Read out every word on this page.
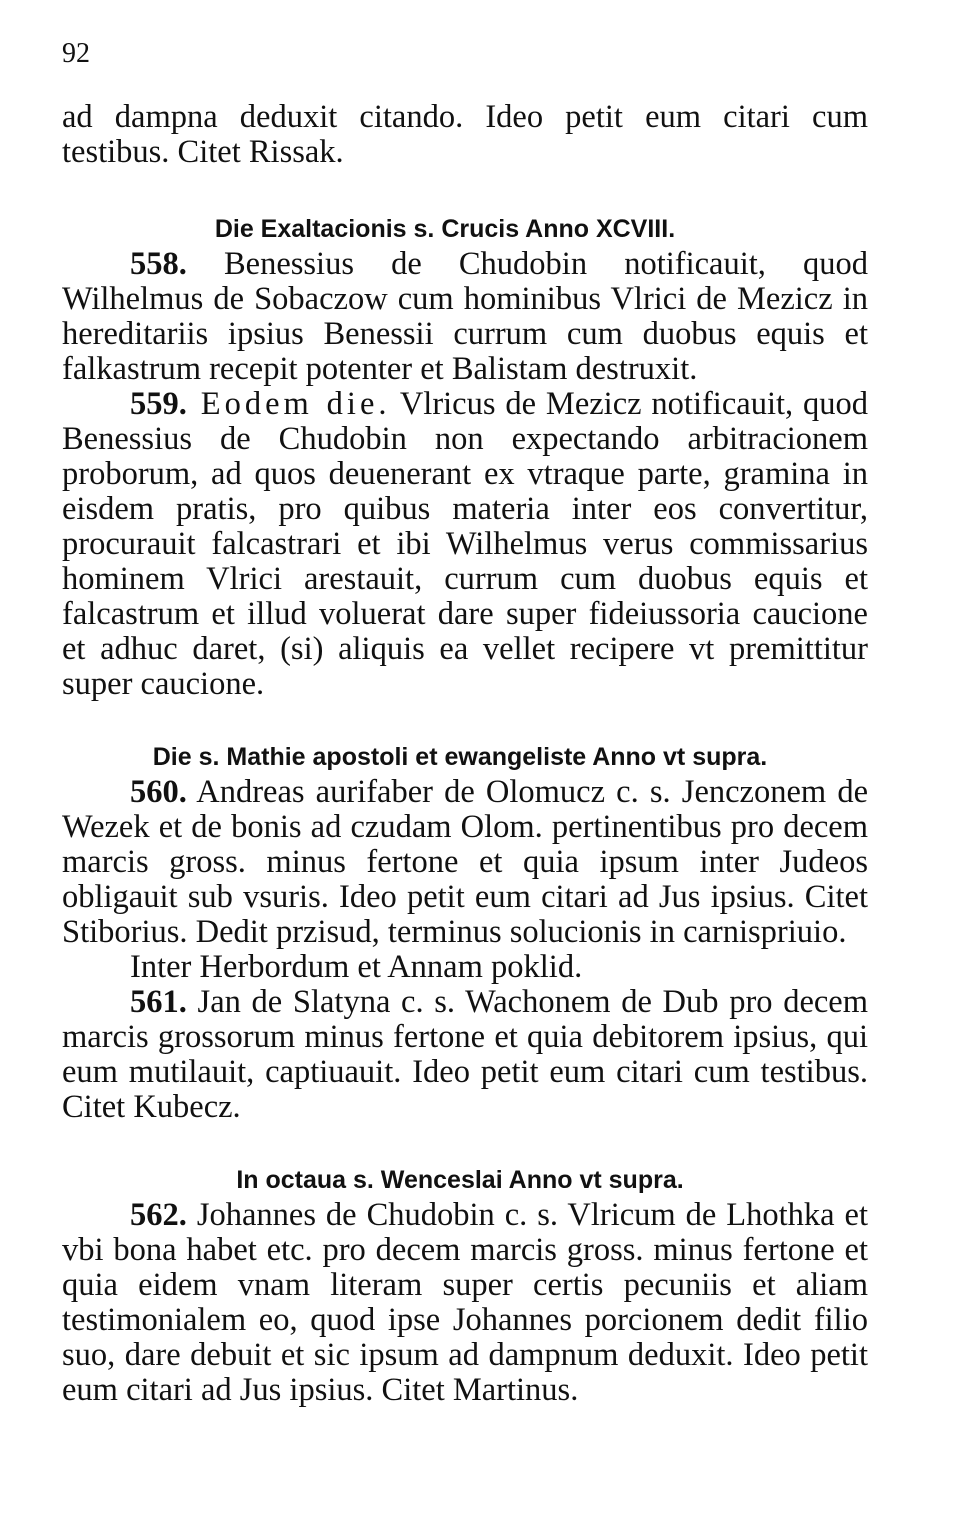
92

ad dampna deduxit citando. Ideo petit eum citari cum testibus. Citet Rissak.

Die Exaltacionis s. Crucis Anno XCVIII.

558. Benessius de Chudobin notificauit, quod Wilhelmus de Sobaczow cum hominibus Vlrici de Mezicz in hereditariis ipsius Benessii currum cum duobus equis et falkastrum recepit potenter et Balistam destruxit.

559. Eodem die. Vlricus de Mezicz notificauit, quod Benessius de Chudobin non expectando arbitracionem proborum, ad quos deuenerant ex vtraque parte, gramina in eisdem pratis, pro quibus materia inter eos convertitur, procurauit falcastrari et ibi Wilhelmus verus commissarius hominem Vlrici arestauit, currum cum duobus equis et falcastrum et illud voluerat dare super fideiussoria caucione et adhuc daret, (si) aliquis ea vellet recipere vt premittitur super caucione.

Die s. Mathie apostoli et ewangeliste Anno vt supra.

560. Andreas aurifaber de Olomucz c. s. Jenczonem de Wezek et de bonis ad czudam Olom. pertinentibus pro decem marcis gross. minus fertone et quia ipsum inter Judeos obligauit sub vsuris. Ideo petit eum citari ad Jus ipsius. Citet Stiborius. Dedit przisud, terminus solucionis in carnispriuio.

Inter Herbordum et Annam poklid.

561. Jan de Slatyna c. s. Wachonem de Dub pro decem marcis grossorum minus fertone et quia debitorem ipsius, qui eum mutilauit, captiuauit. Ideo petit eum citari cum testibus. Citet Kubecz.

In octaua s. Wenceslai Anno vt supra.

562. Johannes de Chudobin c. s. Vlricum de Lhothka et vbi bona habet etc. pro decem marcis gross. minus fertone et quia eidem vnam literam super certis pecuniis et aliam testimonialem eo, quod ipse Johannes porcionem dedit filio suo, dare debuit et sic ipsum ad dampnum deduxit. Ideo petit eum citari ad Jus ipsius. Citet Martinus.
